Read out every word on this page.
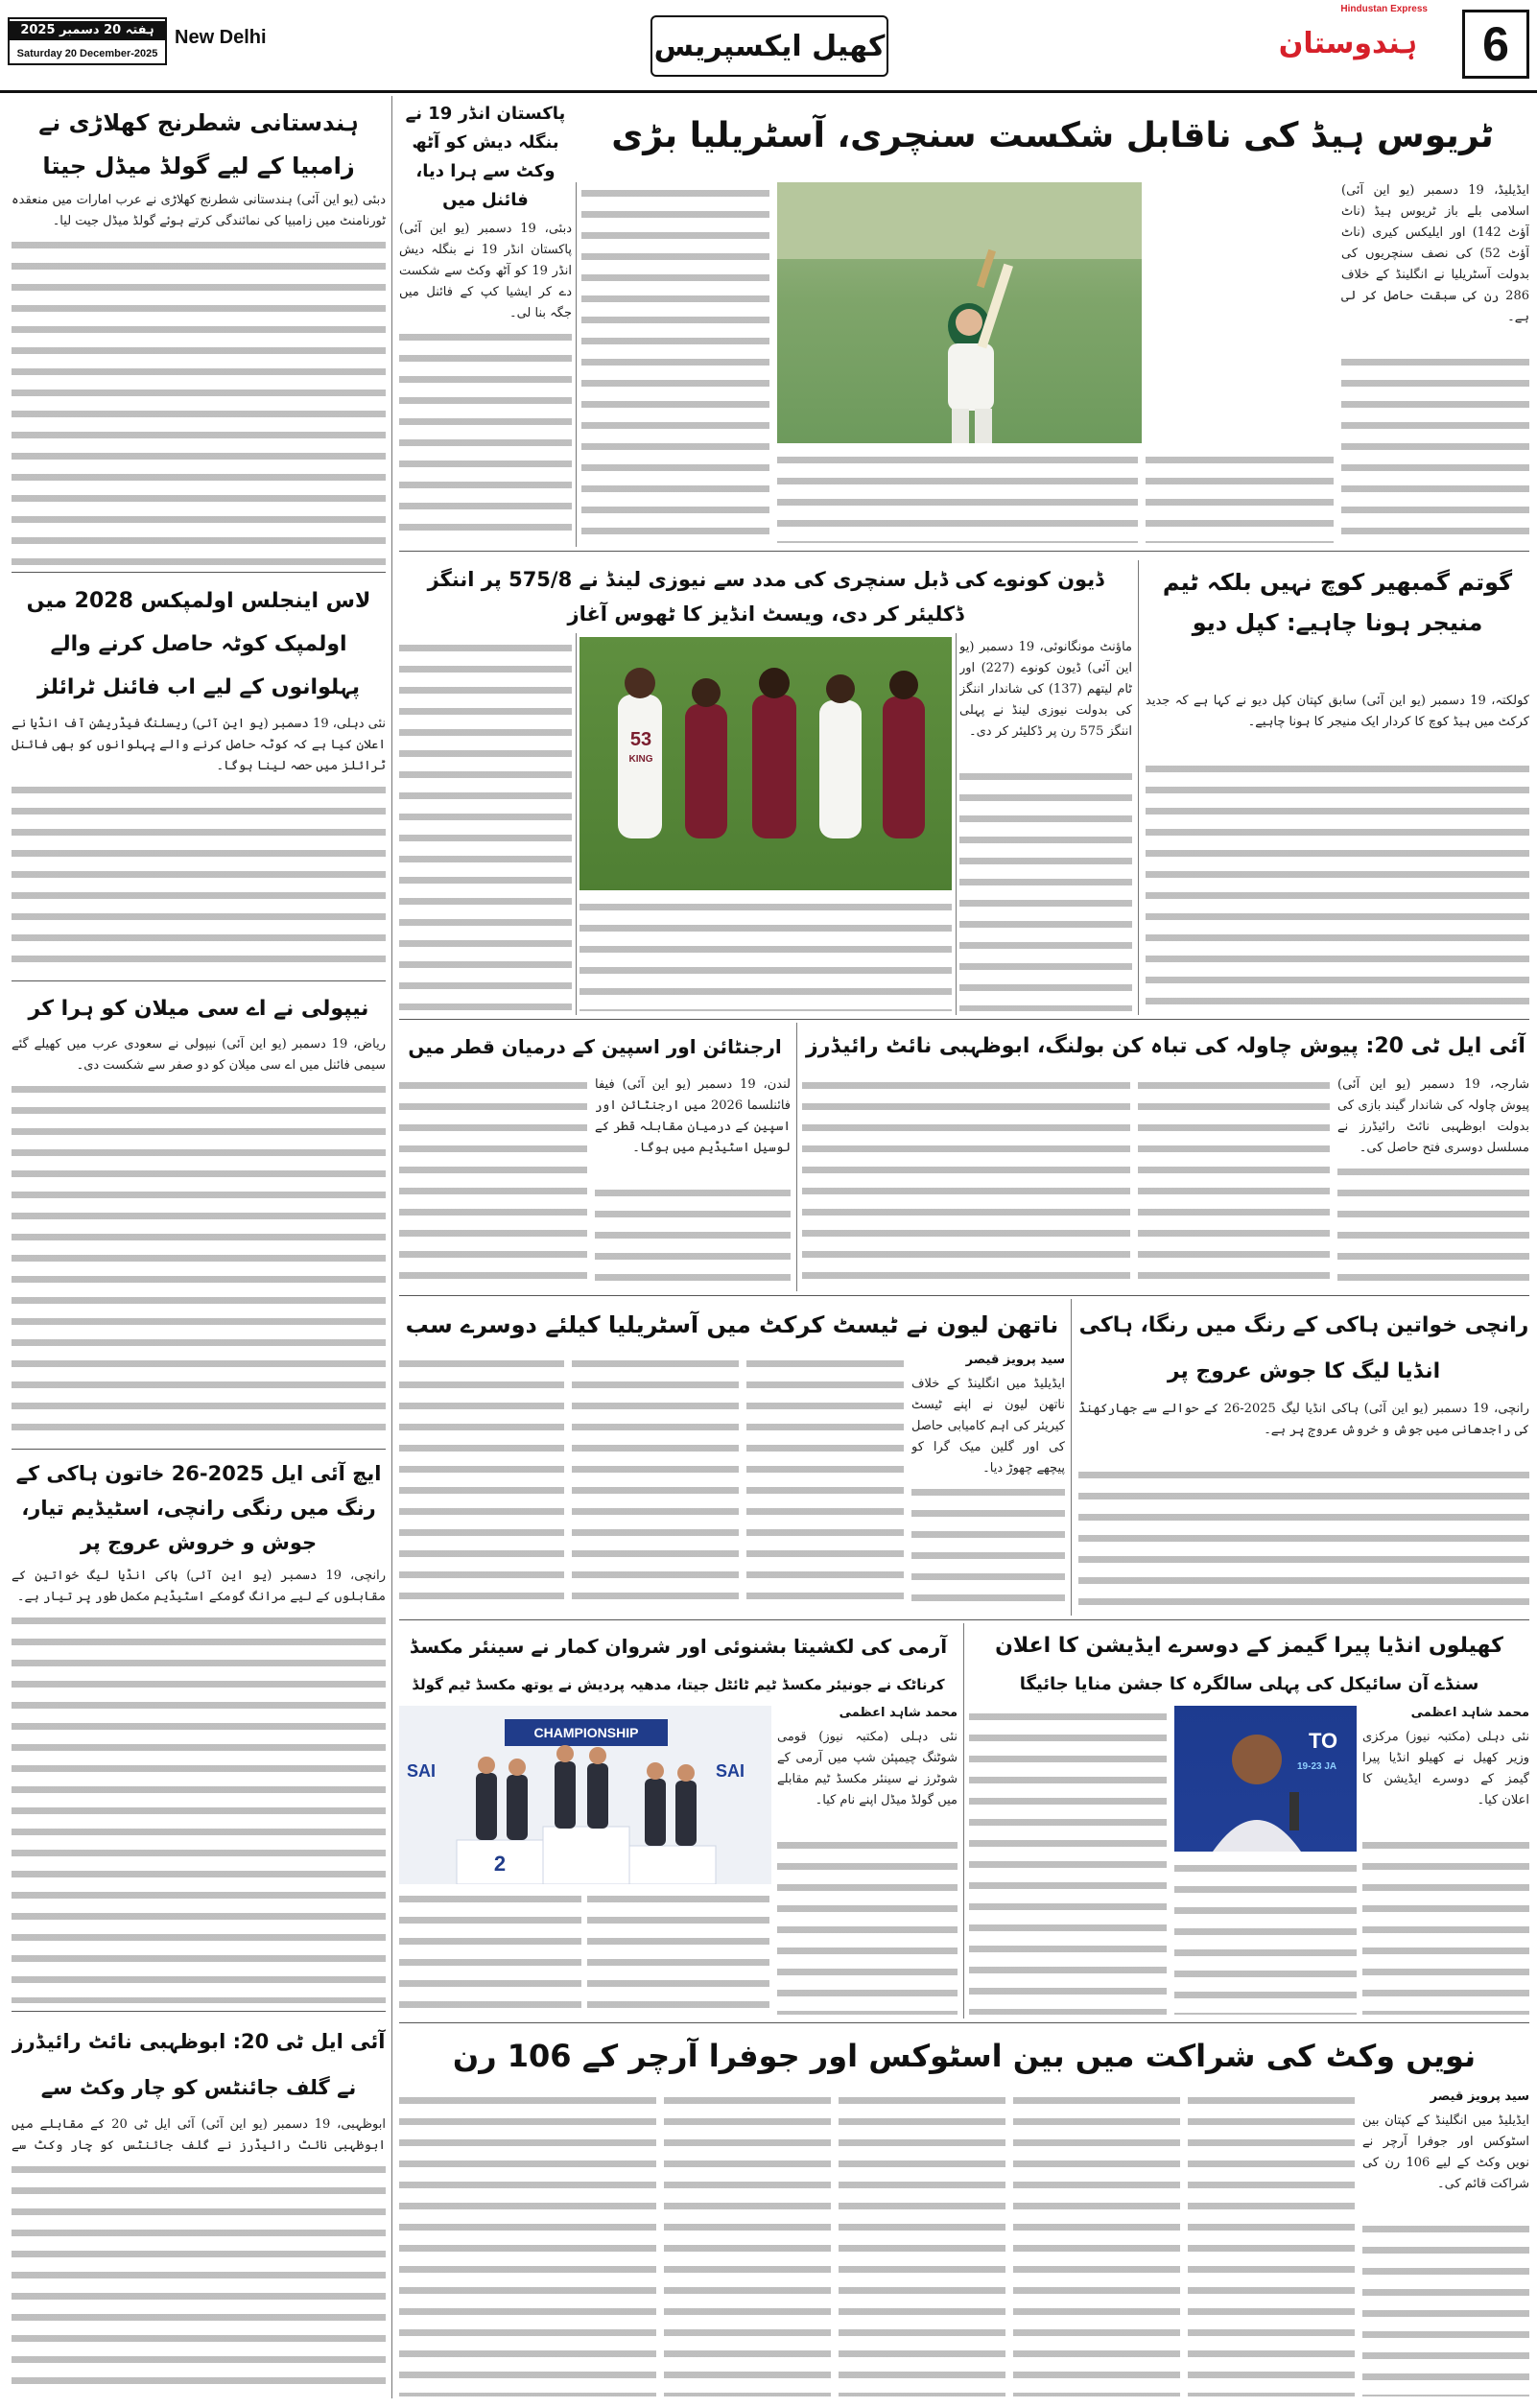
ہفتہ 20 دسمبر 2025
Saturday 20 December-2025
New Delhi	کھیل ایکسپریس
Hindustan Express
ہندوستان	6
ہندستانی شطرنج کھلاڑی نے زامبیا کے لیے گولڈ میڈل جیتا
دبئی (یو این آئی) ہندستانی شطرنج کھلاڑی نے عرب امارات میں منعقدہ ٹورنامنٹ میں زامبیا کی نمائندگی کرتے ہوئے گولڈ میڈل جیت لیا۔
لاس اینجلس اولمپکس 2028 میں اولمپک کوٹہ حاصل کرنے والے پہلوانوں کے لیے اب فائنل ٹرائلز
نئی دہلی، 19 دسمبر (یو این آئی) ریسلنگ فیڈریشن آف انڈیا نے اعلان کیا ہے کہ کوٹہ حاصل کرنے والے پہلوانوں کو بھی فائنل ٹرائلز میں حصہ لینا ہوگا۔
نیپولی نے اے سی میلان کو ہرا کر
ریاض، 19 دسمبر (یو این آئی) نیپولی نے سعودی عرب میں کھیلے گئے سیمی فائنل میں اے سی میلان کو دو صفر سے شکست دی۔
ایچ آئی ایل 2025-26 خاتون ہاکی کے رنگ میں رنگی رانچی، اسٹیڈیم تیار، جوش و خروش عروج پر
رانچی، 19 دسمبر (یو این آئی) ہاکی انڈیا لیگ خواتین کے مقابلوں کے لیے مرانگ گومکے اسٹیڈیم مکمل طور پر تیار ہے۔
آئی ایل ٹی 20: ابوظہبی نائٹ رائیڈرز نے گلف جائنٹس کو چار وکٹ سے
ابوظہبی، 19 دسمبر (یو این آئی) آئی ایل ٹی 20 کے مقابلے میں ابوظہبی نائٹ رائیڈرز نے گلف جائنٹس کو چار وکٹ سے
ٹریوس ہیڈ کی ناقابل شکست سنچری، آسٹریلیا بڑی
پاکستان انڈر 19 نے بنگلہ دیش کو آٹھ وکٹ سے ہرا دیا، فائنل میں
دبئی، 19 دسمبر (یو این آئی) پاکستان انڈر 19 نے بنگلہ دیش انڈر 19 کو آٹھ وکٹ سے شکست دے کر ایشیا کپ کے فائنل میں جگہ بنا لی۔
ایڈیلیڈ، 19 دسمبر (یو این آئی) اسلامی بلے باز ٹریوس ہیڈ (ناٹ آؤٹ 142) اور ایلیکس کیری (ناٹ آؤٹ 52) کی نصف سنچریوں کی بدولت آسٹریلیا نے انگلینڈ کے خلاف 286 رن کی سبقت حاصل کر لی ہے۔
گوتم گمبھیر کوچ نہیں بلکہ ٹیم منیجر ہونا چاہیے: کپل دیو
کولکتہ، 19 دسمبر (یو این آئی) سابق کپتان کپل دیو نے کہا ہے کہ جدید کرکٹ میں ہیڈ کوچ کا کردار ایک منیجر کا ہونا چاہیے۔
ڈیون کونوے کی ڈبل سنچری کی مدد سے نیوزی لینڈ نے 575/8 پر اننگز ڈکلیئر کر دی، ویسٹ انڈیز کا ٹھوس آغاز
ماؤنٹ مونگانوئی، 19 دسمبر (یو این آئی) ڈیون کونوے (227) اور ٹام لیتھم (137) کی شاندار اننگز کی بدولت نیوزی لینڈ نے پہلی اننگز 575 رن پر ڈکلیئر کر دی۔
53
KING
آئی ایل ٹی 20: پیوش چاولہ کی تباہ کن بولنگ، ابوظہبی نائٹ رائیڈرز
شارجہ، 19 دسمبر (یو این آئی) پیوش چاولہ کی شاندار گیند بازی کی بدولت ابوظہبی نائٹ رائیڈرز نے مسلسل دوسری فتح حاصل کی۔
ارجنٹائن اور اسپین کے درمیان قطر میں
لندن، 19 دسمبر (یو این آئی) فیفا فائنلسما 2026 میں ارجنٹائن اور اسپین کے درمیان مقابلہ قطر کے لوسیل اسٹیڈیم میں ہوگا۔
رانچی خواتین ہاکی کے رنگ میں رنگا، ہاکی انڈیا لیگ کا جوش عروج پر
رانچی، 19 دسمبر (یو این آئی) ہاکی انڈیا لیگ 2025-26 کے حوالے سے جھارکھنڈ کی راجدھانی میں جوش و خروش عروج پر ہے۔
ناتھن لیون نے ٹیسٹ کرکٹ میں آسٹریلیا کیلئے دوسرے سب
سید پرویز قیصر
ایڈیلیڈ میں انگلینڈ کے خلاف ناتھن لیون نے اپنے ٹیسٹ کیریئر کی اہم کامیابی حاصل کی اور گلین میک گرا کو پیچھے چھوڑ دیا۔
کھیلوں انڈیا پیرا گیمز کے دوسرے ایڈیشن کا اعلان
سنڈے آن سائیکل کی پہلی سالگرہ کا جشن منایا جائیگا
محمد شاہد اعظمی
نئی دہلی (مکتبہ نیوز) مرکزی وزیر کھیل نے کھیلو انڈیا پیرا گیمز کے دوسرے ایڈیشن کا اعلان کیا۔
TO
19-23 JA
آرمی کی لکشیتا بشنوئی اور شروان کمار نے سینئر مکسڈ
کرناٹک نے جونیئر مکسڈ ٹیم ٹائٹل جیتا، مدھیہ پردیش نے یوتھ مکسڈ ٹیم گولڈ
محمد شاہد اعظمی
نئی دہلی (مکتبہ نیوز) قومی شوٹنگ چیمپئن شپ میں آرمی کے شوٹرز نے سینئر مکسڈ ٹیم مقابلے میں گولڈ میڈل اپنے نام کیا۔
CHAMPIONSHIP
SAI
SAI
2
نویں وکٹ کی شراکت میں بین اسٹوکس اور جوفرا آرچر کے 106 رن
سید پرویز قیصر
ایڈیلیڈ میں انگلینڈ کے کپتان بین اسٹوکس اور جوفرا آرچر نے نویں وکٹ کے لیے 106 رن کی شراکت قائم کی۔
